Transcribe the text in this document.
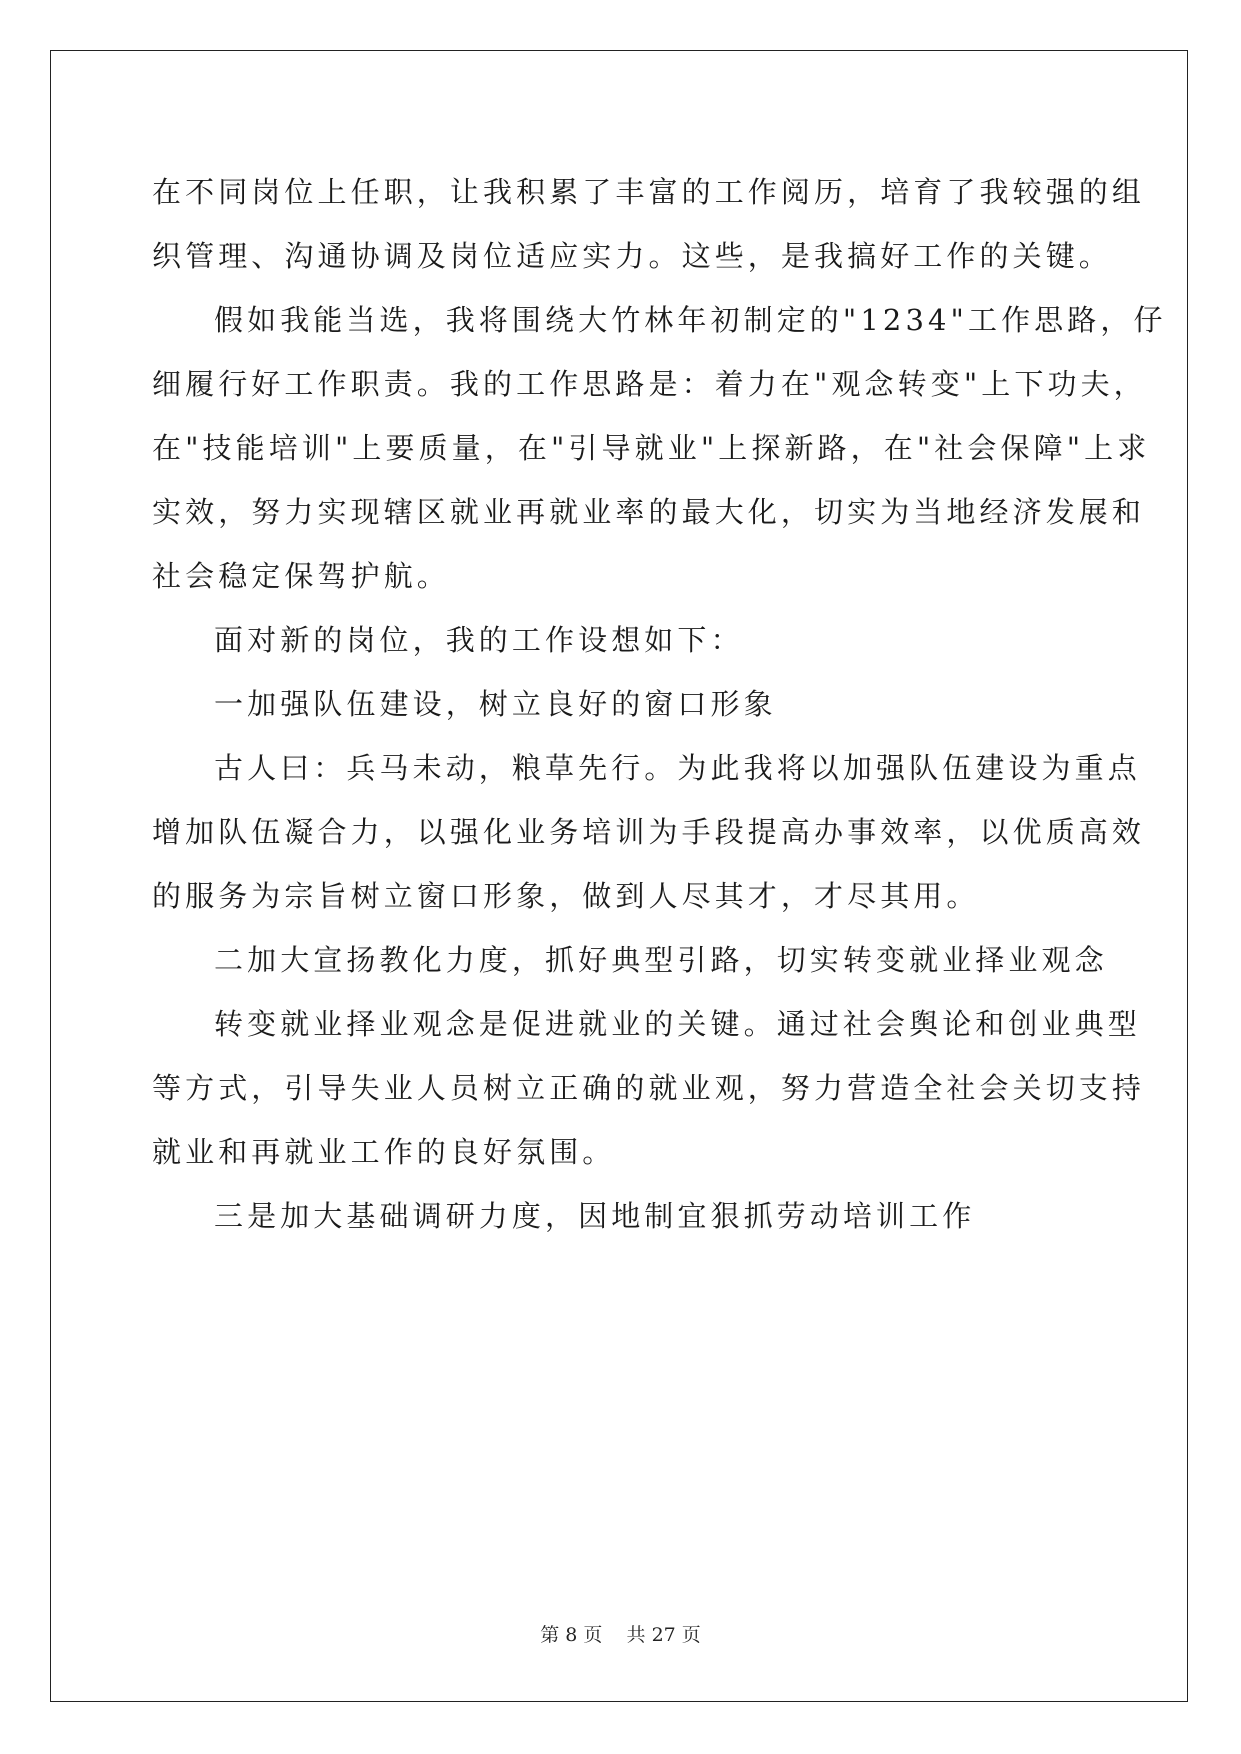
在不同岗位上任职，让我积累了丰富的工作阅历，培育了我较强的组

织管理、沟通协调及岗位适应实力。这些，是我搞好工作的关键。

假如我能当选，我将围绕大竹林年初制定的"1234"工作思路，仔

细履行好工作职责。我的工作思路是：着力在"观念转变"上下功夫，

在"技能培训"上要质量，在"引导就业"上探新路，在"社会保障"上求

实效，努力实现辖区就业再就业率的最大化，切实为当地经济发展和

社会稳定保驾护航。

面对新的岗位，我的工作设想如下：

一加强队伍建设，树立良好的窗口形象

古人曰：兵马未动，粮草先行。为此我将以加强队伍建设为重点

增加队伍凝合力，以强化业务培训为手段提高办事效率，以优质高效

的服务为宗旨树立窗口形象，做到人尽其才，才尽其用。

二加大宣扬教化力度，抓好典型引路，切实转变就业择业观念

转变就业择业观念是促进就业的关键。通过社会舆论和创业典型

等方式，引导失业人员树立正确的就业观，努力营造全社会关切支持

就业和再就业工作的良好氛围。

三是加大基础调研力度，因地制宜狠抓劳动培训工作

第 8 页    共 27 页
